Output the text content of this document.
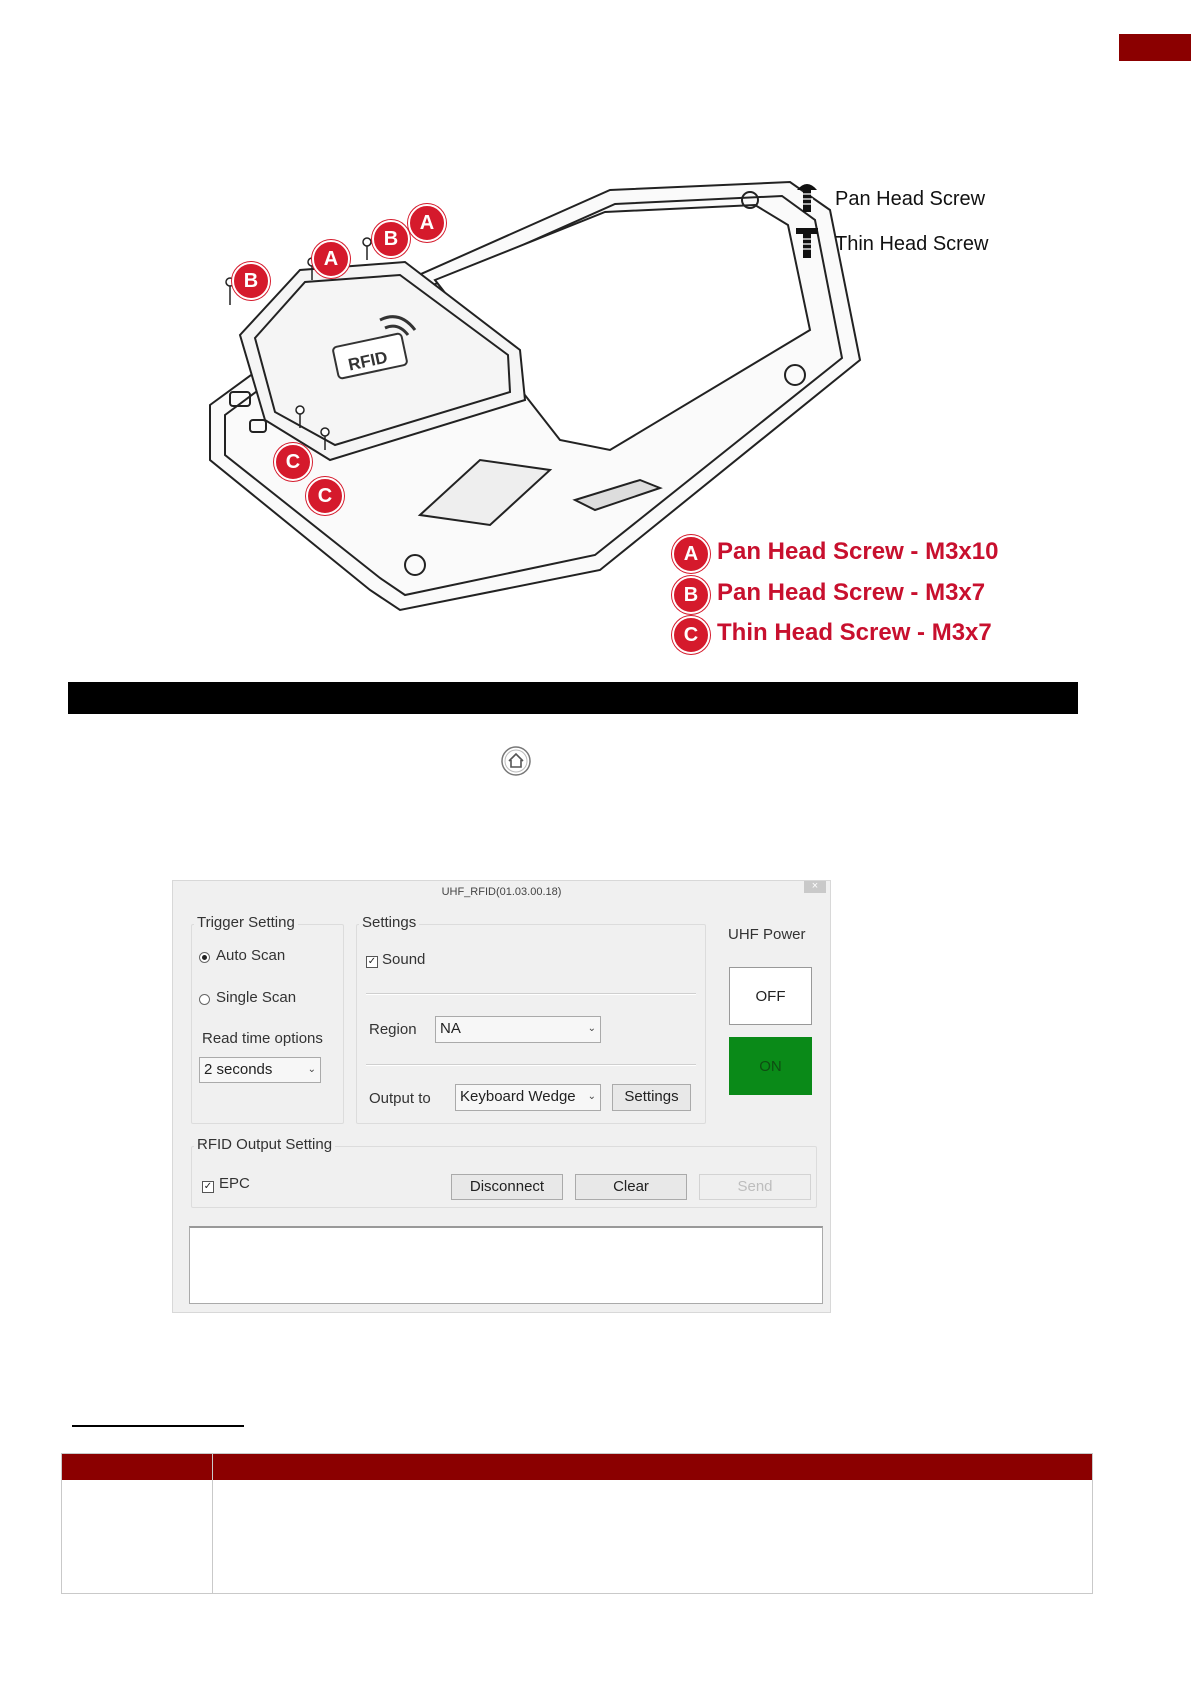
RFID
B
A
B
A
C
C
Pan Head Screw
Thin Head Screw
A Pan Head Screw - M3x10
B Pan Head Screw - M3x7
C Thin Head Screw - M3x7
UHF_RFID(01.03.00.18)	×
Trigger Setting
Auto Scan
Single Scan
Read time options
2 seconds	⌄
Settings
✓ Sound
Region	NA	⌄
Output to	Keyboard Wedge ⌄	Settings
UHF Power
OFF
ON
RFID Output Setting
✓ EPC	Disconnect	Clear	Send
